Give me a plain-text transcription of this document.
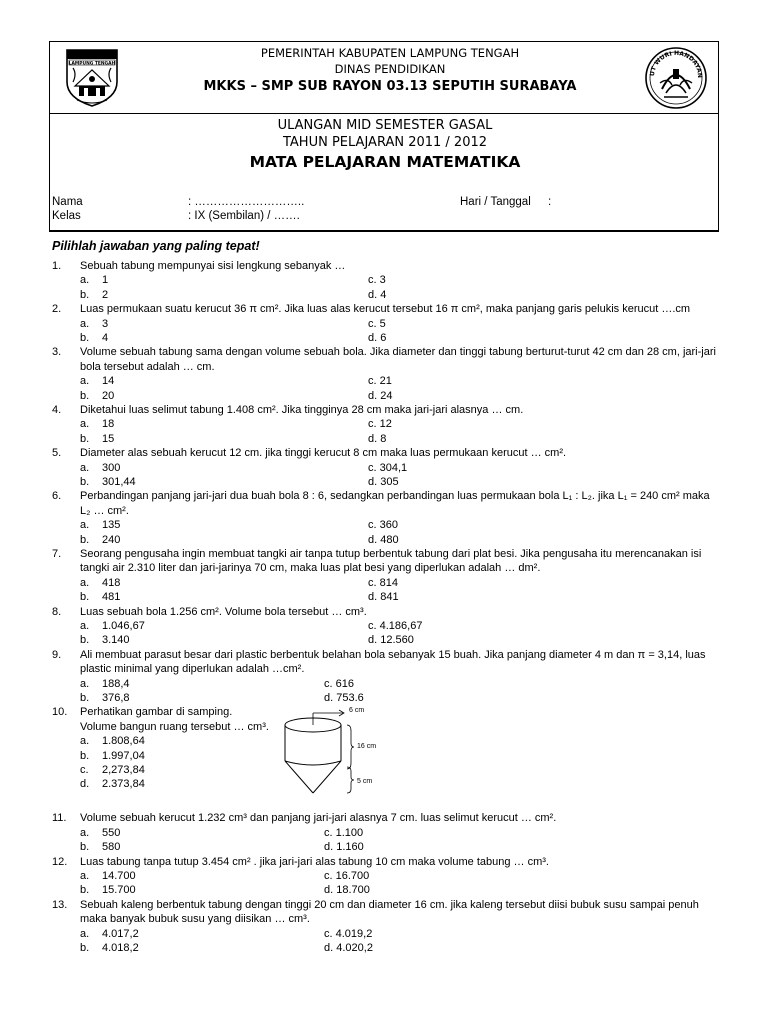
LAMPUNG TENGAH
UT WURI HANDAYAN
PEMERINTAH KABUPATEN LAMPUNG TENGAH
DINAS PENDIDIKAN
MKKS – SMP SUB RAYON 03.13 SEPUTIH SURABAYA
ULANGAN MID SEMESTER GASAL
TAHUN PELAJARAN 2011 / 2012
MATA PELAJARAN MATEMATIKA
Nama	: ………………………..
Kelas	: IX (Sembilan) / …….
Hari / Tanggal :
Pilihlah jawaban yang paling tepat!
1.	Sebuah tabung mempunyai sisi lengkung sebanyak …
a.	1	c. 3
b.	2	d. 4
2.	Luas permukaan suatu kerucut 36 π cm². Jika luas alas kerucut tersebut 16 π cm², maka panjang garis pelukis kerucut ….cm
a.	3	c. 5
b.	4	d. 6
3.	Volume sebuah tabung sama dengan volume sebuah bola. Jika diameter dan tinggi tabung berturut-turut 42 cm dan 28 cm, jari-jari bola tersebut adalah … cm.
a.	14	c. 21
b.	20	d. 24
4.	Diketahui luas selimut tabung 1.408 cm². Jika tingginya 28 cm maka jari-jari alasnya … cm.
a.	18	c. 12
b.	15	d. 8
5.	Diameter alas sebuah kerucut 12 cm. jika tinggi kerucut 8 cm maka luas permukaan kerucut … cm².
a.	300	c. 304,1
b.	301,44	d. 305
6.	Perbandingan panjang jari-jari dua buah bola 8 : 6, sedangkan perbandingan luas permukaan bola L₁ : L₂. jika L₁ = 240 cm² maka L₂ … cm².
a.	135	c. 360
b.	240	d. 480
7.	Seorang pengusaha ingin membuat tangki air tanpa tutup berbentuk tabung dari plat besi. Jika pengusaha itu merencanakan isi tangki air 2.310 liter dan jari-jarinya 70 cm, maka luas plat besi yang diperlukan adalah … dm².
a.	418	c. 814
b.	481	d. 841
8.	Luas sebuah bola 1.256 cm². Volume bola tersebut … cm³.
a.	1.046,67	c. 4.186,67
b.	3.140	d. 12.560
9.	Ali membuat parasut besar dari plastic berbentuk belahan bola sebanyak 15 buah. Jika panjang diameter 4 m dan π = 3,14, luas plastic minimal yang diperlukan adalah …cm².
a.	188,4	c. 616
b.	376,8	d. 753.6
10.	Perhatikan gambar di samping.
Volume bangun ruang tersebut … cm³.
a.	1.808,64
b.	1.997,04
c.	2,273,84
d.	2.373,84
6 cm
16 cm
5 cm
11.	Volume sebuah kerucut 1.232 cm³ dan panjang jari-jari alasnya 7 cm. luas selimut kerucut … cm².
a.	550	c. 1.100
b.	580	d. 1.160
12.	Luas tabung tanpa tutup 3.454 cm² . jika jari-jari alas tabung 10 cm maka volume tabung … cm³.
a.	14.700	c. 16.700
b.	15.700	d. 18.700
13.	Sebuah kaleng berbentuk tabung dengan tinggi 20 cm dan diameter 16 cm. jika kaleng tersebut diisi bubuk susu sampai penuh maka banyak bubuk susu yang diisikan … cm³.
a.	4.017,2	c. 4.019,2
b.	4.018,2	d. 4.020,2
